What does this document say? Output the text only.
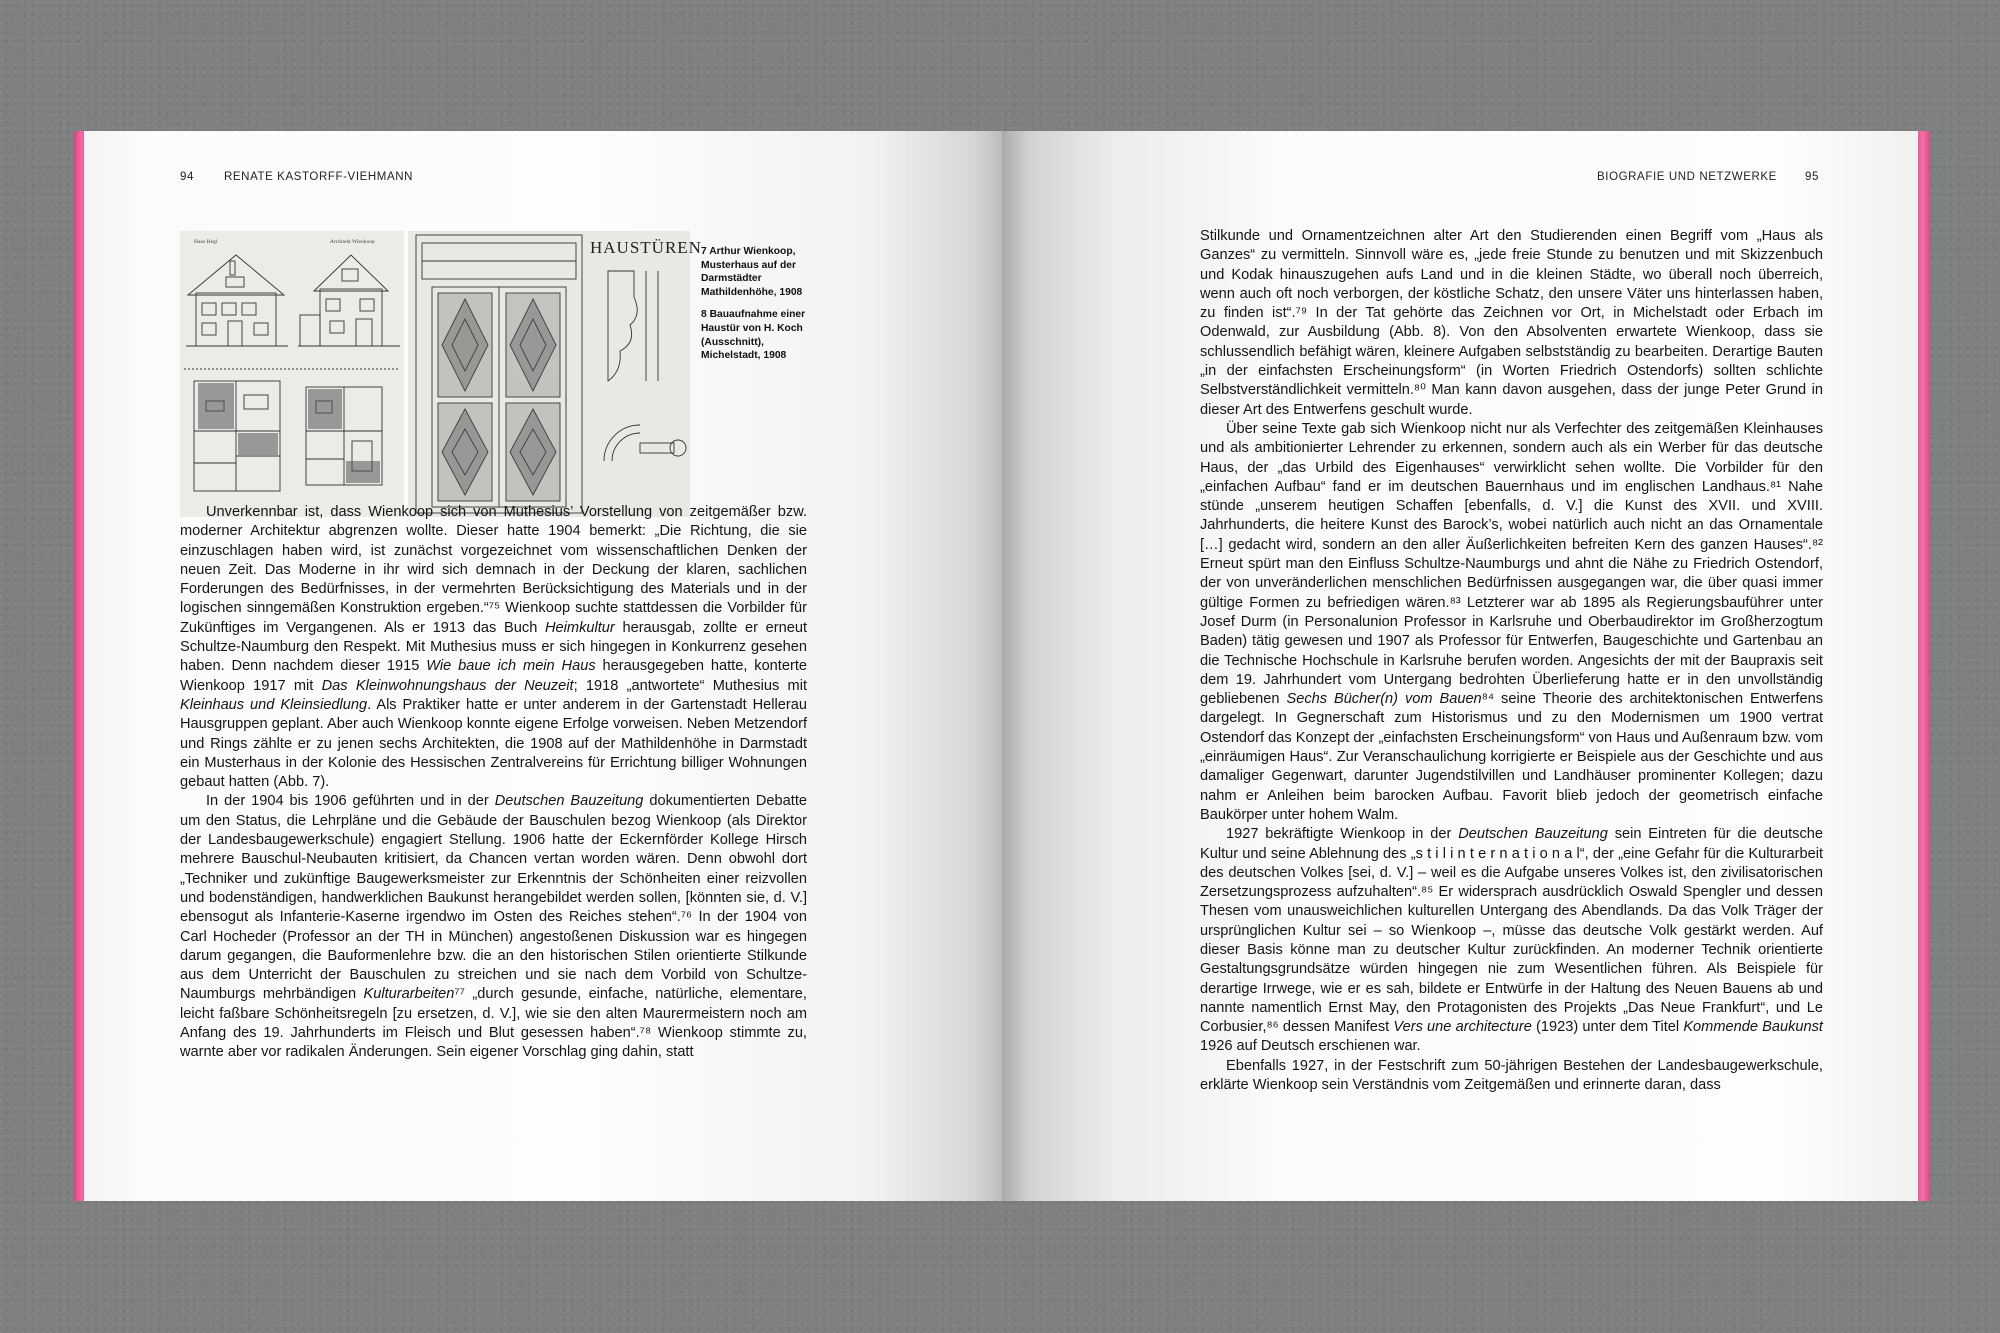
94	RENATE KASTORFF-VIEHMANN
Haus Hegl	Architekt Wienkoop	HAUSTÜREN 7 Arthur Wienkoop, Musterhaus auf der Darmstädter Mathildenhöhe, 1908

8 Bauaufnahme einer Haustür von H. Koch (Ausschnitt), Michelstadt, 1908

Unverkennbar ist, dass Wienkoop sich von Muthesius’ Vorstellung von zeitgemäßer bzw. moderner Architektur abgrenzen wollte. Dieser hatte 1904 bemerkt: „Die Richtung, die sie einzuschlagen haben wird, ist zunächst vorgezeichnet vom wissenschaftlichen Denken der neuen Zeit. Das Moderne in ihr wird sich demnach in der Deckung der klaren, sachlichen Forderungen des Bedürfnisses, in der vermehrten Berücksichtigung des Materials und in der logischen sinngemäßen Konstruktion ergeben.“⁷⁵ Wienkoop suchte stattdessen die Vorbilder für Zukünftiges im Vergangenen. Als er 1913 das Buch Heimkultur herausgab, zollte er erneut Schultze-Naumburg den Respekt. Mit Muthesius muss er sich hingegen in Konkurrenz gesehen haben. Denn nachdem dieser 1915 Wie baue ich mein Haus herausgegeben hatte, konterte Wienkoop 1917 mit Das Kleinwohnungshaus der Neuzeit; 1918 „antwortete“ Muthesius mit Kleinhaus und Kleinsiedlung. Als Praktiker hatte er unter anderem in der Gartenstadt Hellerau Hausgruppen geplant. Aber auch Wienkoop konnte eigene Erfolge vorweisen. Neben Metzendorf und Rings zählte er zu jenen sechs Architekten, die 1908 auf der Mathildenhöhe in Darmstadt ein Musterhaus in der Kolonie des Hessischen Zentralvereins für Errichtung billiger Wohnungen gebaut hatten (Abb. 7).

In der 1904 bis 1906 geführten und in der Deutschen Bauzeitung dokumentierten Debatte um den Status, die Lehrpläne und die Gebäude der Bauschulen bezog Wienkoop (als Direktor der Landesbaugewerkschule) engagiert Stellung. 1906 hatte der Eckernförder Kollege Hirsch mehrere Bauschul-Neubauten kritisiert, da Chancen vertan worden wären. Denn obwohl dort „Techniker und zukünftige Baugewerksmeister zur Erkenntnis der Schönheiten einer reizvollen und bodenständigen, handwerklichen Baukunst herangebildet werden sollen, [könnten sie, d. V.] ebensogut als Infanterie-Kaserne irgendwo im Osten des Reiches stehen“.⁷⁶ In der 1904 von Carl Hocheder (Professor an der TH in München) angestoßenen Diskussion war es hingegen darum gegangen, die Bauformenlehre bzw. die an den historischen Stilen orientierte Stilkunde aus dem Unterricht der Bauschulen zu streichen und sie nach dem Vorbild von Schultze-Naumburgs mehrbändigen Kulturarbeiten⁷⁷ „durch gesunde, einfache, natürliche, elementare, leicht faßbare Schönheitsregeln [zu ersetzen, d. V.], wie sie den alten Maurermeistern noch am Anfang des 19. Jahrhunderts im Fleisch und Blut gesessen haben“.⁷⁸ Wienkoop stimmte zu, warnte aber vor radikalen Änderungen. Sein eigener Vorschlag ging dahin, statt

BIOGRAFIE UND NETZWERKE 95

Stilkunde und Ornamentzeichnen alter Art den Studierenden einen Begriff vom „Haus als Ganzes“ zu vermitteln. Sinnvoll wäre es, „jede freie Stunde zu benutzen und mit Skizzenbuch und Kodak hinauszugehen aufs Land und in die kleinen Städte, wo überall noch überreich, wenn auch oft noch verborgen, der köstliche Schatz, den unsere Väter uns hinterlassen haben, zu finden ist“.⁷⁹ In der Tat gehörte das Zeichnen vor Ort, in Michelstadt oder Erbach im Odenwald, zur Ausbildung (Abb. 8). Von den Absolventen erwartete Wienkoop, dass sie schlussendlich befähigt wären, kleinere Aufgaben selbstständig zu bearbeiten. Derartige Bauten „in der einfachsten Erscheinungsform“ (in Worten Friedrich Ostendorfs) sollten schlichte Selbstverständlichkeit vermitteln.⁸⁰ Man kann davon ausgehen, dass der junge Peter Grund in dieser Art des Entwerfens geschult wurde.

Über seine Texte gab sich Wienkoop nicht nur als Verfechter des zeitgemäßen Kleinhauses und als ambitionierter Lehrender zu erkennen, sondern auch als ein Werber für das deutsche Haus, der „das Urbild des Eigenhauses“ verwirklicht sehen wollte. Die Vorbilder für den „einfachen Aufbau“ fand er im deutschen Bauernhaus und im englischen Landhaus.⁸¹ Nahe stünde „unserem heutigen Schaffen [ebenfalls, d. V.] die Kunst des XVII. und XVIII. Jahrhunderts, die heitere Kunst des Barock’s, wobei natürlich auch nicht an das Ornamentale […] gedacht wird, sondern an den aller Äußerlichkeiten befreiten Kern des ganzen Hauses“.⁸² Erneut spürt man den Einfluss Schultze-Naumburgs und ahnt die Nähe zu Friedrich Ostendorf, der von unveränderlichen menschlichen Bedürfnissen ausgegangen war, die über quasi immer gültige Formen zu befriedigen wären.⁸³ Letzterer war ab 1895 als Regierungsbauführer unter Josef Durm (in Personalunion Professor in Karlsruhe und Oberbaudirektor im Großherzogtum Baden) tätig gewesen und 1907 als Professor für Entwerfen, Baugeschichte und Gartenbau an die Technische Hochschule in Karlsruhe berufen worden. Angesichts der mit der Baupraxis seit dem 19. Jahrhundert vom Untergang bedrohten Überlieferung hatte er in den unvollständig gebliebenen Sechs Bücher(n) vom Bauen⁸⁴ seine Theorie des architektonischen Entwerfens dargelegt. In Gegnerschaft zum Historismus und zu den Modernismen um 1900 vertrat Ostendorf das Konzept der „einfachsten Erscheinungsform“ von Haus und Außenraum bzw. vom „einräumigen Haus“. Zur Veranschaulichung korrigierte er Beispiele aus der Geschichte und aus damaliger Gegenwart, darunter Jugendstilvillen und Landhäuser prominenter Kollegen; dazu nahm er Anleihen beim barocken Aufbau. Favorit blieb jedoch der geometrisch einfache Baukörper unter hohem Walm.

1927 bekräftigte Wienkoop in der Deutschen Bauzeitung sein Eintreten für die deutsche Kultur und seine Ablehnung des „s t i l i n t e r n a t i o n a l“, der „eine Gefahr für die Kulturarbeit des deutschen Volkes [sei, d. V.] – weil es die Aufgabe unseres Volkes ist, den zivilisatorischen Zersetzungsprozess aufzuhalten“.⁸⁵ Er widersprach ausdrücklich Oswald Spengler und dessen Thesen vom unausweichlichen kulturellen Untergang des Abendlands. Da das Volk Träger der ursprünglichen Kultur sei – so Wienkoop –, müsse das deutsche Volk gestärkt werden. Auf dieser Basis könne man zu deutscher Kultur zurückfinden. An moderner Technik orientierte Gestaltungsgrundsätze würden hingegen nie zum Wesentlichen führen. Als Beispiele für derartige Irrwege, wie er es sah, bildete er Entwürfe in der Haltung des Neuen Bauens ab und nannte namentlich Ernst May, den Protagonisten des Projekts „Das Neue Frankfurt“, und Le Corbusier,⁸⁶ dessen Manifest Vers une architecture (1923) unter dem Titel Kommende Baukunst 1926 auf Deutsch erschienen war.

Ebenfalls 1927, in der Festschrift zum 50-jährigen Bestehen der Landesbaugewerkschule, erklärte Wienkoop sein Verständnis vom Zeitgemäßen und erinnerte daran, dass
